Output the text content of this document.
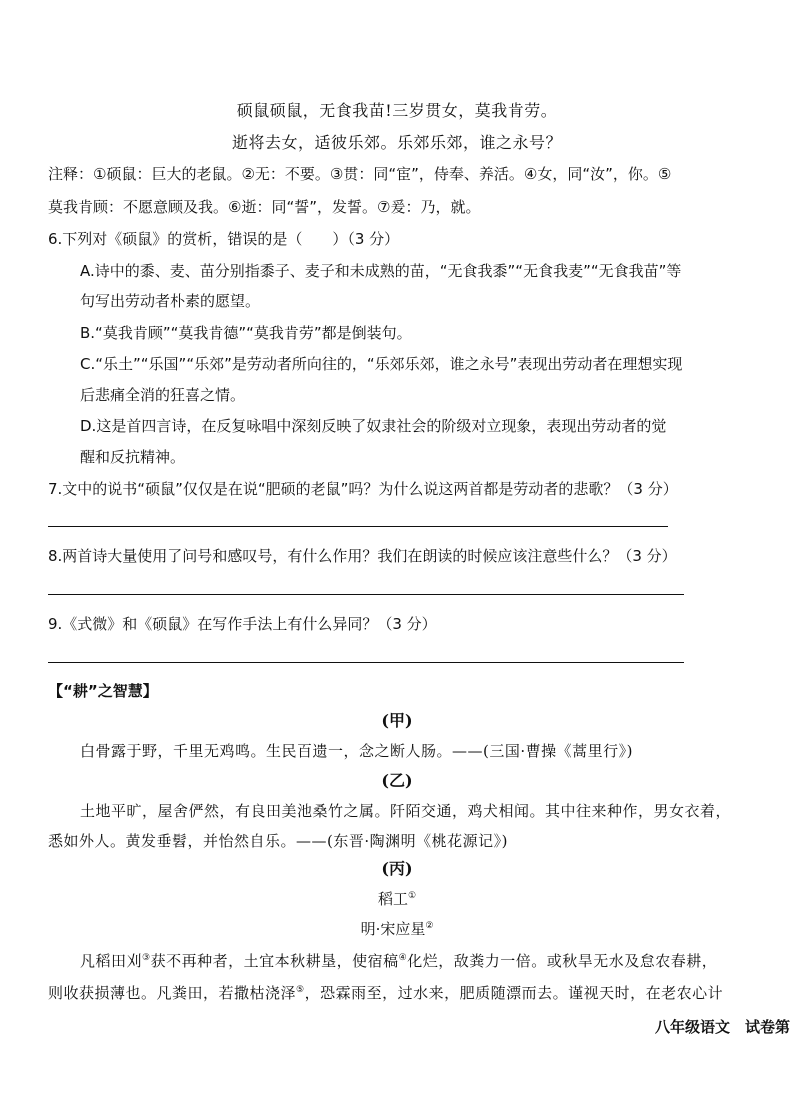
硕鼠硕鼠，无食我苗!三岁贯女，莫我肯劳。
逝将去女，适彼乐郊。乐郊乐郊，谁之永号？
注释：①硕鼠：巨大的老鼠。②无：不要。③贯：同“宦”，侍奉、养活。④女，同“汝”，你。⑤
莫我肯顾：不愿意顾及我。⑥逝：同“誓”，发誓。⑦爰：乃，就。
6.下列对《硕鼠》的赏析，错误的是（　　）（3 分）
A.诗中的黍、麦、苗分别指黍子、麦子和未成熟的苗，“无食我黍”“无食我麦”“无食我苗”等
句写出劳动者朴素的愿望。
B.“莫我肯顾”“莫我肯德”“莫我肯劳”都是倒装句。
C.“乐土”“乐国”“乐郊”是劳动者所向往的，“乐郊乐郊，谁之永号”表现出劳动者在理想实现
后悲痛全消的狂喜之情。
D.这是首四言诗，在反复咏唱中深刻反映了奴隶社会的阶级对立现象，表现出劳动者的觉
醒和反抗精神。
7.文中的说书“硕鼠”仅仅是在说“肥硕的老鼠”吗？为什么说这两首都是劳动者的悲歌？（3 分）
8.两首诗大量使用了问号和感叹号，有什么作用？我们在朗读的时候应该注意些什么？（3 分）
9.《式微》和《硕鼠》在写作手法上有什么异同？（3 分）
【“耕”之智慧】
(甲)
白骨露于野，千里无鸡鸣。生民百遗一，念之断人肠。——(三国·曹操《蒿里行》)
(乙)
土地平旷，屋舍俨然，有良田美池桑竹之属。阡陌交通，鸡犬相闻。其中往来种作，男女衣着，
悉如外人。黄发垂髫，并怡然自乐。——(东晋·陶渊明《桃花源记》)
(丙)
稻工①
明·宋应星②
凡稻田刈③获不再种者，土宜本秋耕垦，使宿稿④化烂，敌粪力一倍。或秋旱无水及怠农春耕，
则收获损薄也。凡粪田，若撒枯浇泽⑤，恐霖雨至，过水来，肥质随漂而去。谨视天时，在老农心计
八年级语文　试卷第
